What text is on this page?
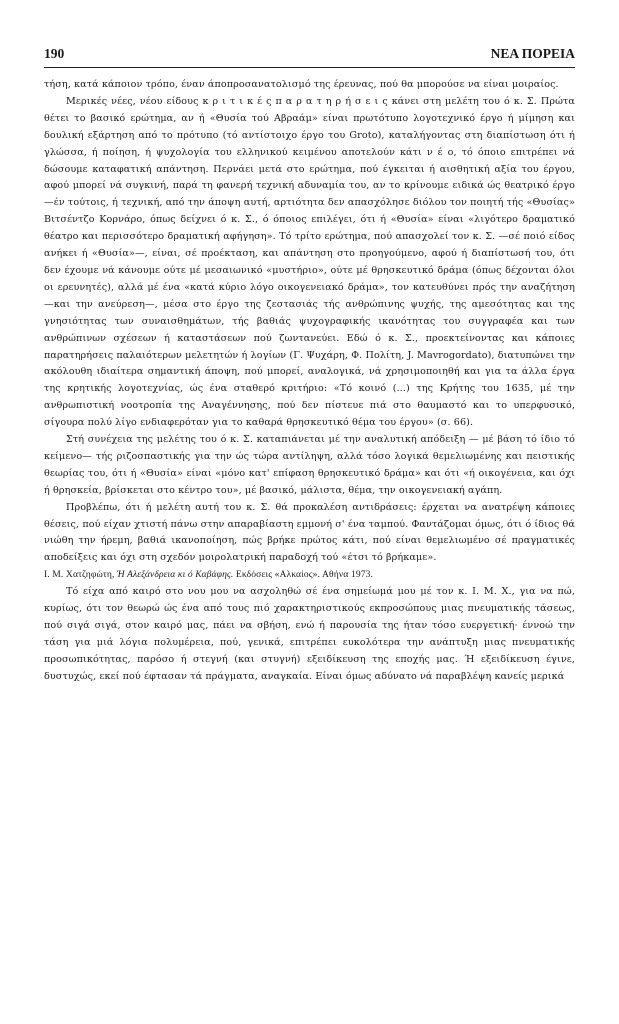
190	ΝΕΑ ΠΟΡΕΙΑ

τήση, κατά κάποιον τρόπο, έναν άποπροσανατολισμό της έρευνας, πού θα μπορούσε να είναι μοιραίος.

Μερικές νέες, νέου είδους κ ρ ι τ ι κ έ ς π α ρ α τ η ρ ή σ ε ι ς κάνει στη μελέτη του ό κ. Σ. Πρώτα θέτει το βασικό ερώτημα, αν ή «Θυσία τού Αβραάμ» είναι πρωτότυπο λογοτεχνικό έργο ή μίμηση και δουλική εξάρτηση από το πρότυπο (τό αντίστοιχο έργο του Groto), καταλήγοντας στη διαπίστωση ότι ή γλώσσα, ή ποίηση, ή ψυχολογία του ελληνικού κειμένου αποτελούν κάτι ν έ ο, τό όποιο επιτρέπει νά δώσουμε καταφατική απάντηση. Περνάει μετά στο ερώτημα, πού έγκειται ή αισθητική αξία του έργου, αφού μπορεί νά συγκινή, παρά τη φανερή τεχνική αδυναμία του, αν το κρίνουμε ειδικά ώς θεατρικό έργο —έν τούτοις, ή τεχνική, από την άποψη αυτή, αρτιότητα δεν απασχόλησε διόλου τον ποιητή τής «Θυσίας» Βιτσέντζο Κορνάρο, όπως δείχνει ό κ. Σ., ό όποιος επιλέγει, ότι ή «Θυσία» είναι «λιγότερο δραματικό θέατρο και περισσότερο δραματική αφήγηση». Τό τρίτο ερώτημα, πού απασχολεί τον κ. Σ. —σέ ποιό είδος ανήκει ή «Θυσία»—, είναι, σέ προέκταση, και απάντηση στο προηγούμενο, αφού ή διαπίστωσή του, ότι δεν έχουμε νά κάνουμε ούτε μέ μεσαιωνικό «μυστήριο», ούτε μέ θρησκευτικό δράμα (όπως δέχονται όλοι οι ερευνητές), αλλά μέ ένα «κατά κύριο λόγο οικογενειακό δράμα», τον κατευθύνει πρός την αναζήτηση —και την ανεύρεση—, μέσα στο έργο της ζεστασιάς τής ανθρώπινης ψυχής, της αμεσότητας και της γνησιότητας των συναισθημάτων, τής βαθιάς ψυχογραφικής ικανότητας του συγγραφέα και των ανθρώπινων σχέσεων ή καταστάσεων πού ζωντανεύει. Εδώ ό κ. Σ., προεκτείνοντας και κάποιες παρατηρήσεις παλαιότερων μελετητών ή λογίων (Γ. Ψυχάρη, Φ. Πολίτη, J. Mavrogordato), διατυπώνει την ακόλουθη ιδιαίτερα σημαντική άποψη, πού μπορεί, αναλογικά, νά χρησιμοποιηθή και για τα άλλα έργα της κρητικής λογοτεχνίας, ώς ένα σταθερό κριτήριο: «Τό κοινό (...) της Κρήτης του 1635, μέ την ανθρωπιστική νοοτροπία της Αναγέννησης, πού δεν πίστευε πιά στο θαυμαστό και το υπερφυσικό, σίγουρα πολύ λίγο ενδιαφερόταν για το καθαρά θρησκευτικό θέμα του έργου» (σ. 66).

Στή συνέχεια της μελέτης του ό κ. Σ. καταπιάνεται μέ την αναλυτική απόδειξη — μέ βάση τό ίδιο τό κείμενο— τής ριζοσπαστικής για την ώς τώρα αντίληψη, αλλά τόσο λογικά θεμελιωμένης και πειστικής θεωρίας του, ότι ή «Θυσία» είναι «μόνο κατ' επίφαση θρησκευτικό δράμα» και ότι «ή οικογένεια, και όχι ή θρησκεία, βρίσκεται στο κέντρο του», μέ βασικό, μάλιστα, θέμα, την οικογενειακή αγάπη.

Προβλέπω, ότι ή μελέτη αυτή του κ. Σ. θά προκαλέση αντιδράσεις: έρχεται να ανατρέψη κάποιες θέσεις, πού είχαν χτιστή πάνω στην απαραβίαστη εμμονή σ' ένα ταμπού. Φαντάζομαι όμως, ότι ό ίδιος θά νιώθη την ήρεμη, βαθιά ικανοποίηση, πώς βρήκε πρώτος κάτι, πού είναι θεμελιωμένο σέ πραγματικές αποδείξεις και όχι στη σχεδόν μοιρολατρική παραδοχή τού «έτσι τό βρήκαμε».

Ι. Μ. Χατζηφώτη, Ή Αλεξάνδρεια κι ό Καβάφης. Εκδόσεις «Αλκαίος». Αθήνα 1973.

Τό είχα από καιρό στο νου μου να ασχοληθώ σέ ένα σημείωμά μου μέ τον κ. Ι. Μ. Χ., για να πώ, κυρίως, ότι τον θεωρώ ώς ένα από τους πιό χαρακτηριστικούς εκπροσώπους μιας πνευματικής τάσεως, πού σιγά σιγά, στον καιρό μας, πάει να σβήση, ενώ ή παρουσία της ήταν τόσο ευεργετική· έννοώ την τάση για μιά λόγια πολυμέρεια, πού, γενικά, επιτρέπει ευκολότερα την ανάπτυξη μιας πνευματικής προσωπικότητας, παρόσο ή στεγνή (και στυγνή) εξειδίκευση της εποχής μας. Ή εξειδίκευση έγινε, δυστυχώς, εκεί πού έφτασαν τά πράγματα, αναγκαία. Είναι όμως αδύνατο νά παραβλέψη κανείς μερικά
